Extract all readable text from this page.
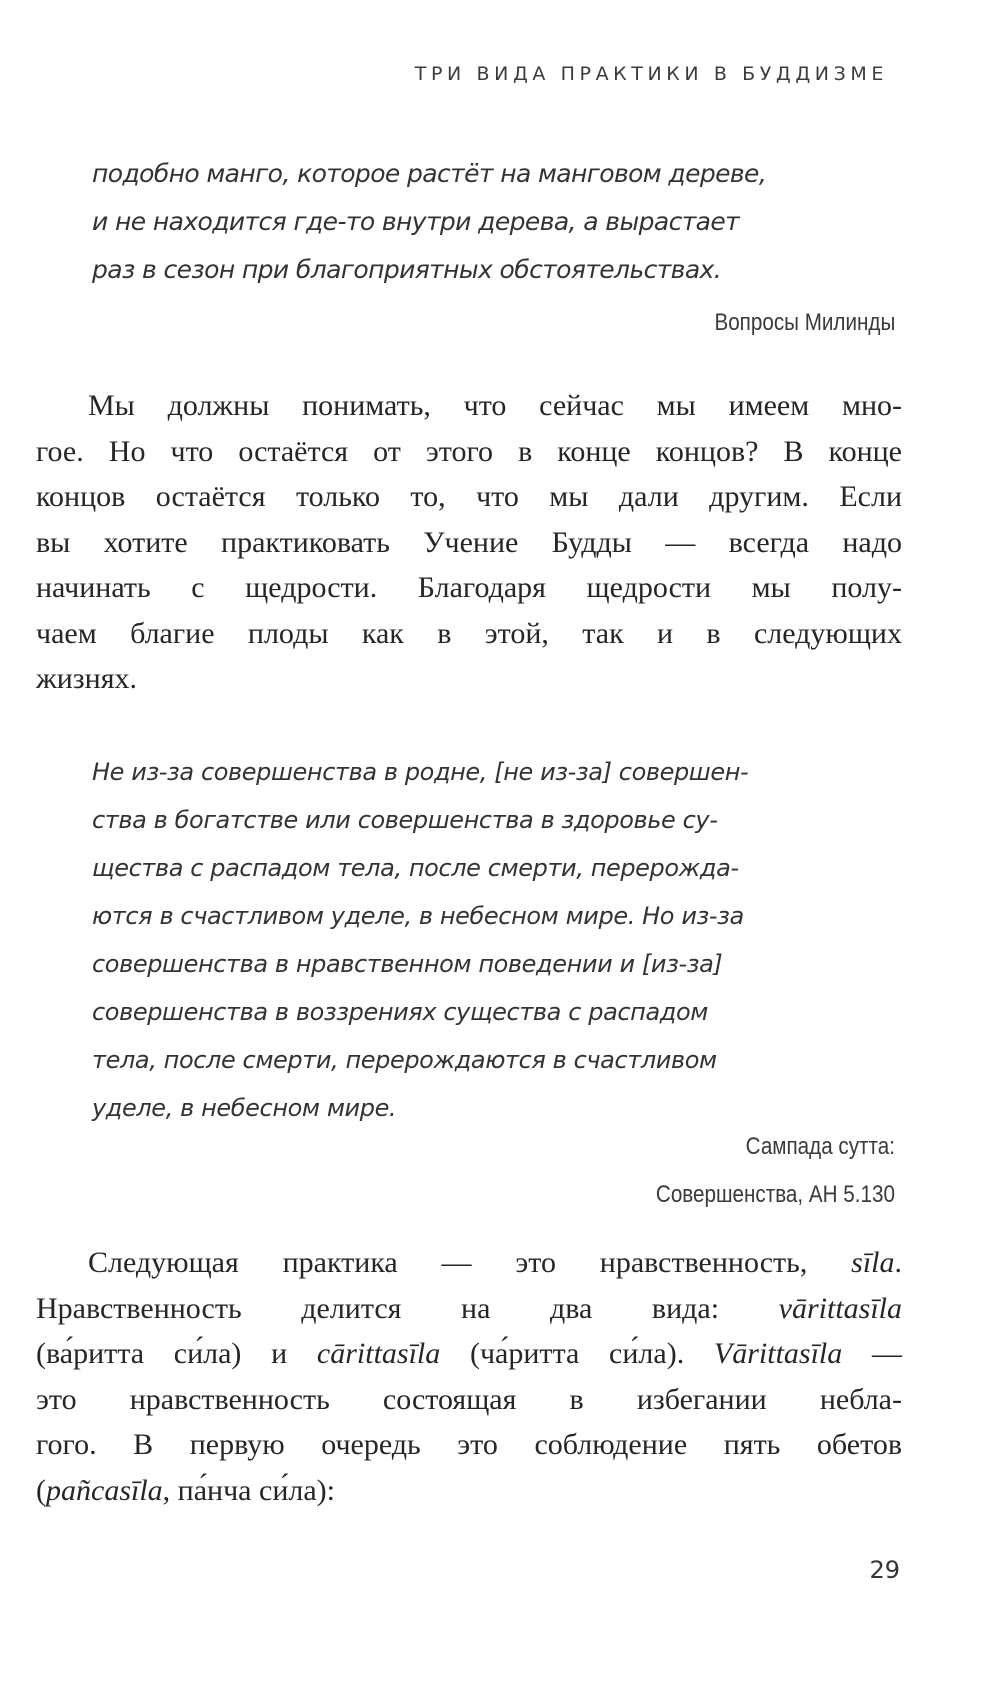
ТРИ ВИДА ПРАКТИКИ В БУДДИЗМЕ
подобно манго, которое растёт на манговом дереве,
и не находится где-то внутри дерева, а вырастает
раз в сезон при благоприятных обстоятельствах.
Вопросы Милинды
Мы должны понимать, что сейчас мы имеем мно-
гое. Но что остаётся от этого в конце концов? В конце
концов остаётся только то, что мы дали другим. Если
вы хотите практиковать Учение Будды — всегда надо
начинать с щедрости. Благодаря щедрости мы полу-
чаем благие плоды как в этой, так и в следующих
жизнях.
Не из-за совершенства в родне, [не из-за] совершен-
ства в богатстве или совершенства в здоровье су-
щества с распадом тела, после смерти, перерожда-
ются в счастливом уделе, в небесном мире. Но из-за
совершенства в нравственном поведении и [из-за]
совершенства в воззрениях существа с распадом
тела, после смерти, перерождаются в счастливом
уделе, в небесном мире.
Сампада сутта:
Совершенства, АН 5.130
Следующая практика — это нравственность, sīla.
Нравственность делится на два вида: vārittasīla
(ва́ритта си́ла) и cārittasīla (ча́ритта си́ла). Vārittasīla —
это нравственность состоящая в избегании небла-
гого. В первую очередь это соблюдение пять обетов
(pañcasīla, па́нча си́ла):
29
